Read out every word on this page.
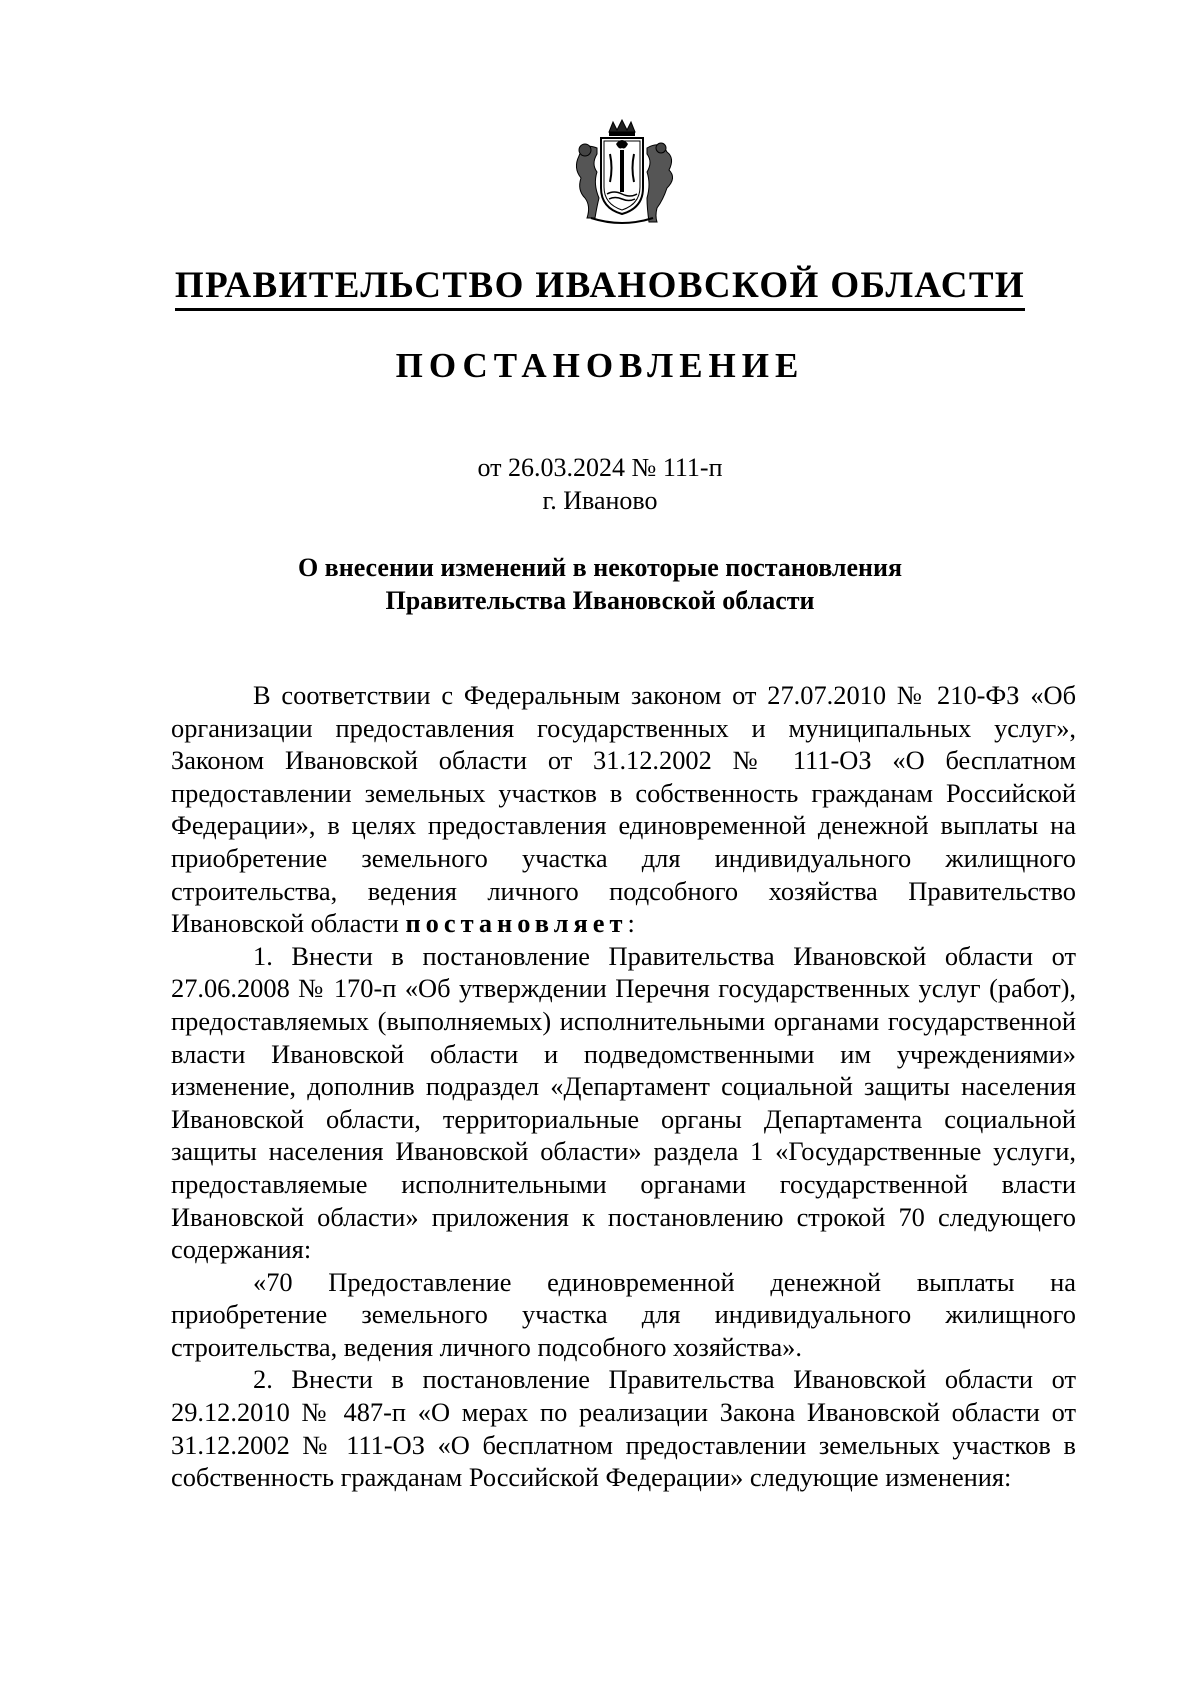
ПРАВИТЕЛЬСТВО ИВАНОВСКОЙ ОБЛАСТИ
ПОСТАНОВЛЕНИЕ
от 26.03.2024 № 111-п
г. Иваново
О внесении изменений в некоторые постановления
Правительства Ивановской области

В соответствии с Федеральным законом от 27.07.2010 № 210-ФЗ «Об организации предоставления государственных и муниципальных услуг», Законом Ивановской области от 31.12.2002 № 111-ОЗ «О бесплатном предоставлении земельных участков в собственность гражданам Российской Федерации», в целях предоставления единовременной денежной выплаты на приобретение земельного участка для индивидуального жилищного строительства, ведения личного подсобного хозяйства Правительство Ивановской области постановляет:

1. Внести в постановление Правительства Ивановской области от 27.06.2008 № 170-п «Об утверждении Перечня государственных услуг (работ), предоставляемых (выполняемых) исполнительными органами государственной власти Ивановской области и подведомственными им учреждениями» изменение, дополнив подраздел «Департамент социальной защиты населения Ивановской области, территориальные органы Департамента социальной защиты населения Ивановской области» раздела 1 «Государственные услуги, предоставляемые исполнительными органами государственной власти Ивановской области» приложения к постановлению строкой 70 следующего содержания:

«70 Предоставление единовременной денежной выплаты на приобретение земельного участка для индивидуального жилищного строительства, ведения личного подсобного хозяйства».

2. Внести в постановление Правительства Ивановской области от 29.12.2010 № 487-п «О мерах по реализации Закона Ивановской области от 31.12.2002 № 111-ОЗ «О бесплатном предоставлении земельных участков в собственность гражданам Российской Федерации» следующие изменения:
